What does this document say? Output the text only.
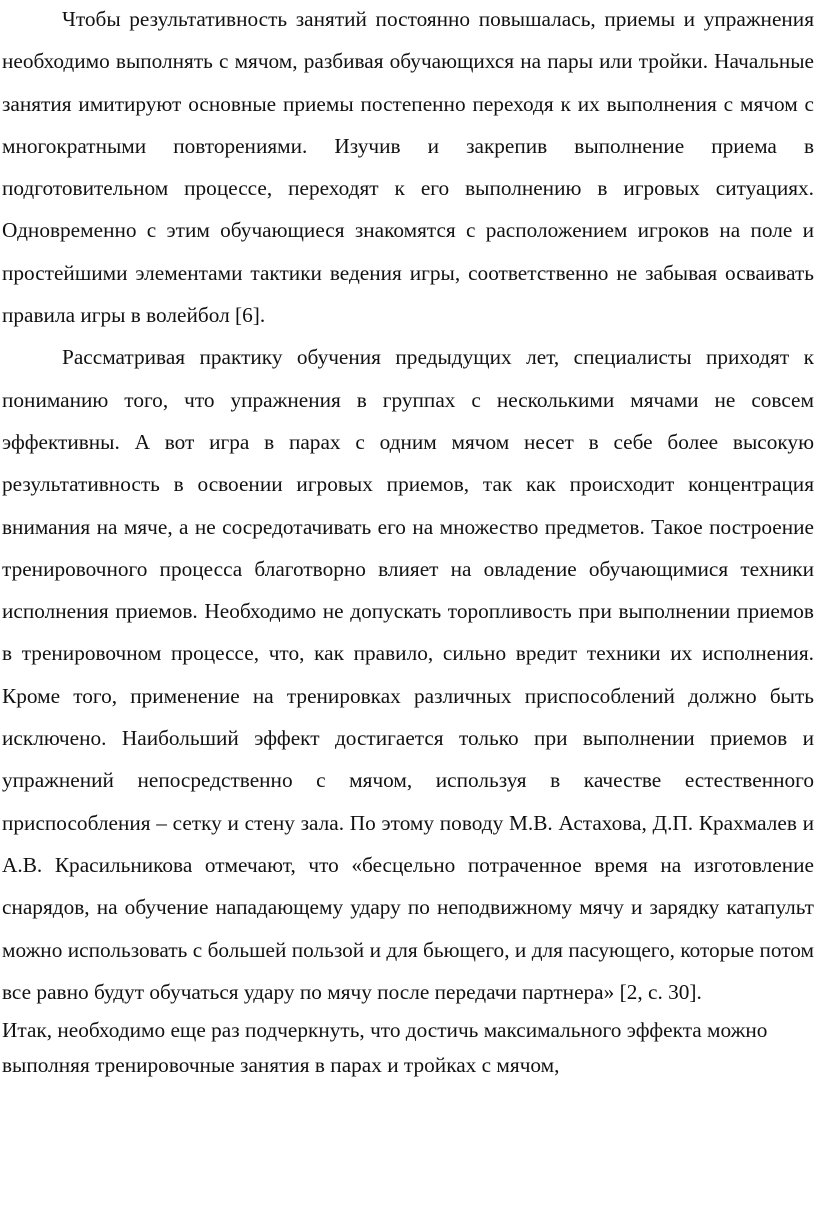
Чтобы результативность занятий постоянно повышалась, приемы и упражнения необходимо выполнять с мячом, разбивая обучающихся на пары или тройки. Начальные занятия имитируют основные приемы постепенно переходя к их выполнения с мячом с многократными повторениями. Изучив и закрепив выполнение приема в подготовительном процессе, переходят к его выполнению в игровых ситуациях. Одновременно с этим обучающиеся знакомятся с расположением игроков на поле и простейшими элементами тактики ведения игры, соответственно не забывая осваивать правила игры в волейбол [6].

Рассматривая практику обучения предыдущих лет, специалисты приходят к пониманию того, что упражнения в группах с несколькими мячами не совсем эффективны. А вот игра в парах с одним мячом несет в себе более высокую результативность в освоении игровых приемов, так как происходит концентрация внимания на мяче, а не сосредотачивать его на множество предметов. Такое построение тренировочного процесса благотворно влияет на овладение обучающимися техники исполнения приемов. Необходимо не допускать торопливость при выполнении приемов в тренировочном процессе, что, как правило, сильно вредит техники их исполнения. Кроме того, применение на тренировках различных приспособлений должно быть исключено. Наибольший эффект достигается только при выполнении приемов и упражнений непосредственно с мячом, используя в качестве естественного приспособления – сетку и стену зала. По этому поводу М.В. Астахова, Д.П. Крахмалев и А.В. Красильникова отмечают, что «бесцельно потраченное время на изготовление снарядов, на обучение нападающему удару по неподвижному мячу и зарядку катапульт можно использовать с большей пользой и для бьющего, и для пасующего, которые потом все равно будут обучаться удару по мячу после передачи партнера» [2, с. 30].

Итак, необходимо еще раз подчеркнуть, что достичь максимального эффекта можно выполняя тренировочные занятия в парах и тройках с мячом,
